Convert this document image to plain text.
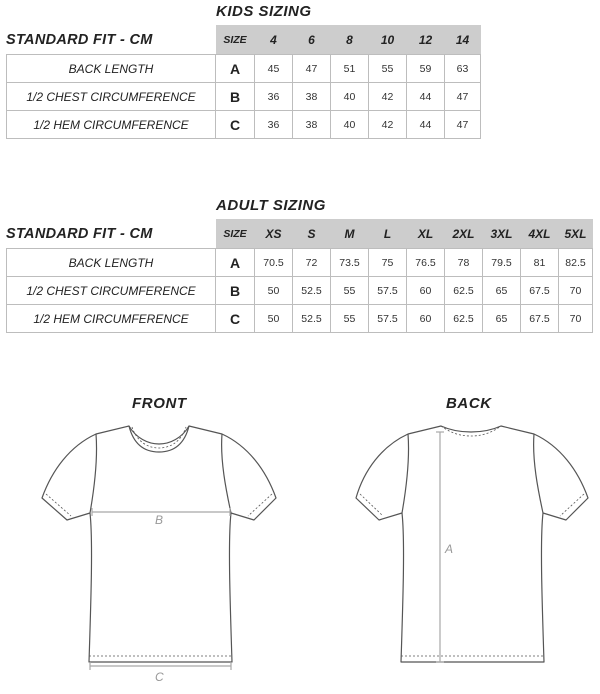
KIDS SIZING
STANDARD FIT - CM
		SIZE	4	6	8	10	12	14
BACK LENGTH	A	45	47	51	55	59	63
1/2 CHEST CIRCUMFERENCE	B	36	38	40	42	44	47
1/2 HEM CIRCUMFERENCE	C	36	38	40	42	44	47
ADULT SIZING
STANDARD FIT - CM
		SIZE	XS	S	M	L	XL	2XL	3XL	4XL	5XL
BACK LENGTH	A	70.5	72	73.5	75	76.5	78	79.5	81	82.5
1/2 CHEST CIRCUMFERENCE	B	50	52.5	55	57.5	60	62.5	65	67.5	70
1/2 HEM CIRCUMFERENCE	C	50	52.5	55	57.5	60	62.5	65	67.5	70
FRONT	BACK
B
C
A
